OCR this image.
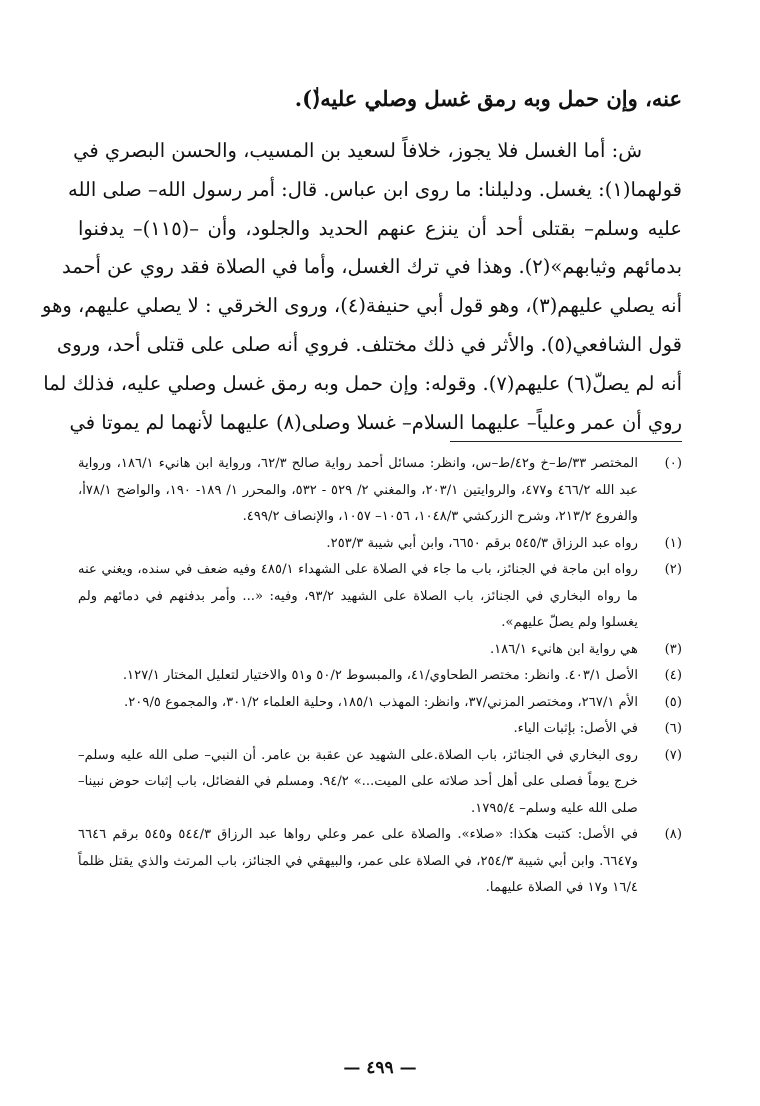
عنه، وإن حمل وبه رمق غسل وصلي عليه(ٰ).
ش: أما الغسل فلا يجوز، خلافاً لسعيد بن المسيب، والحسن البصري في
قولهما(١): يغسل. ودليلنا: ما روى ابن عباس. قال: أمر رسول الله– صلى الله
عليه وسلم– بقتلى أحد أن ينزع عنهم الحديد والجلود، وأن –(١١٥)– يدفنوا
بدمائهم وثيابهم»(٢). وهذا في ترك الغسل، وأما في الصلاة فقد روي عن أحمد
أنه يصلي عليهم(٣)، وهو قول أبي حنيفة(٤)، وروى الخرقي : لا يصلي عليهم، وهو
قول الشافعي(٥). والأثر في ذلك مختلف. فروي أنه صلى على قتلى أحد، وروى
أنه لم يصلّ(٦) عليهم(٧). وقوله: وإن حمل وبه رمق غسل وصلي عليه، فذلك لما
روي أن عمر وعلياً– عليهما السلام– غسلا وصلى(٨) عليهما لأنهما لم يموتا في
(٠)
المختصر ٣٣/ط–خ و٤٢/ط–س، وانظر: مسائل أحمد رواية صالح ٦٢/٣، ورواية ابن هانيء ١٨٦/١، ورواية عبد الله ٤٦٦/٢ و٤٧٧، والروايتين ٢٠٣/١، والمغني ٢/ ٥٢٩ - ٥٣٢، والمحرر ١/ ١٨٩- ١٩٠، والواضح ٧٨/١أ، والفروع ٢١٣/٢، وشرح الزركشي ١٠٤٨/٣، ١٠٥٦– ١٠٥٧، والإنصاف ٤٩٩/٢.
(١)
رواه عبد الرزاق ٥٤٥/٣ برقم ٦٦٥٠، وابن أبي شيبة ٢٥٣/٣.
(٢)
رواه ابن ماجة في الجنائز، باب ما جاء في الصلاة على الشهداء ٤٨٥/١ وفيه ضعف في سنده، ويغني عنه ما رواه البخاري في الجنائز، باب الصلاة على الشهيد ٩٣/٢، وفيه: «... وأمر بدفنهم في دمائهم ولم يغسلوا ولم يصلّ عليهم».
(٣)
هي رواية ابن هانيء ١٨٦/١.
(٤)
الأصل ٤٠٣/١. وانظر: مختصر الطحاوي/٤١، والمبسوط ٥٠/٢ و٥١ والاختيار لتعليل المختار ١٢٧/١.
(٥)
الأم ٢٦٧/١، ومختصر المزني/٣٧، وانظر: المهذب ١٨٥/١، وحلية العلماء ٣٠١/٢، والمجموع ٢٠٩/٥.
(٦)
في الأصل: بإثبات الياء.
(٧)
روى البخاري في الجنائز، باب الصلاة.على الشهيد عن عقبة بن عامر. أن النبي– صلى الله عليه وسلم– خرج يوماً فصلى على أهل أحد صلاته على الميت...» ٩٤/٢. ومسلم في الفضائل، باب إثبات حوض نبينا– صلى الله عليه وسلم– ١٧٩٥/٤.
(٨)
في الأصل: كتبت هكذا: «صلاء». والصلاة على عمر وعلي رواها عبد الرزاق ٥٤٤/٣ و٥٤٥ برقم ٦٦٤٦ و٦٦٤٧. وابن أبي شيبة ٢٥٤/٣، في الصلاة على عمر، والبيهقي في الجنائز، باب المرتث والذي يقتل ظلماً ١٦/٤ و١٧ في الصلاة عليهما.
— ٤٩٩ —
